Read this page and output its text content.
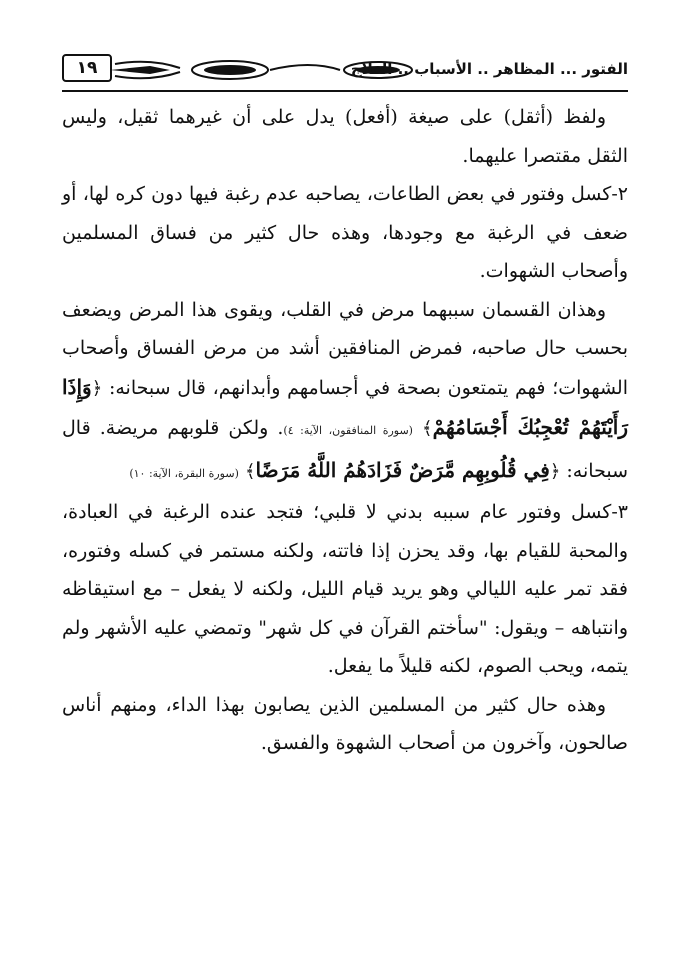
١٩	الفتور ... المظاهر .. الأسباب .. العلاج

ولفظ (أثقل) على صيغة (أفعل) يدل على أن غيرهما ثقيل، وليس الثقل مقتصرا عليهما.

٢-كسل وفتور في بعض الطاعات، يصاحبه عدم رغبة فيها دون كره لها، أو ضعف في الرغبة مع وجودها، وهذه حال كثير من فساق المسلمين وأصحاب الشهوات.

وهذان القسمان سببهما مرض في القلب، ويقوى هذا المرض ويضعف بحسب حال صاحبه، فمرض المنافقين أشد من مرض الفساق وأصحاب الشهوات؛ فهم يتمتعون بصحة في أجسامهم وأبدانهم، قال سبحانه: ﴿وَإِذَا رَأَيْتَهُمْ تُعْجِبُكَ أَجْسَامُهُمْ﴾ (سورة المنافقون، الآية: ٤). ولكن قلوبهم مريضة. قال سبحانه: ﴿فِي قُلُوبِهِم مَّرَضٌ فَزَادَهُمُ اللَّهُ مَرَضًا﴾ (سورة البقرة، الآية: ١٠)

٣-كسل وفتور عام سببه بدني لا قلبي؛ فتجد عنده الرغبة في العبادة، والمحبة للقيام بها، وقد يحزن إذا فاتته، ولكنه مستمر في كسله وفتوره، فقد تمر عليه الليالي وهو يريد قيام الليل، ولكنه لا يفعل – مع استيقاظه وانتباهه – ويقول: "سأختم القرآن في كل شهر" وتمضي عليه الأشهر ولم يتمه، ويحب الصوم، لكنه قليلاً ما يفعل.

وهذه حال كثير من المسلمين الذين يصابون بهذا الداء، ومنهم أناس صالحون، وآخرون من أصحاب الشهوة والفسق.
